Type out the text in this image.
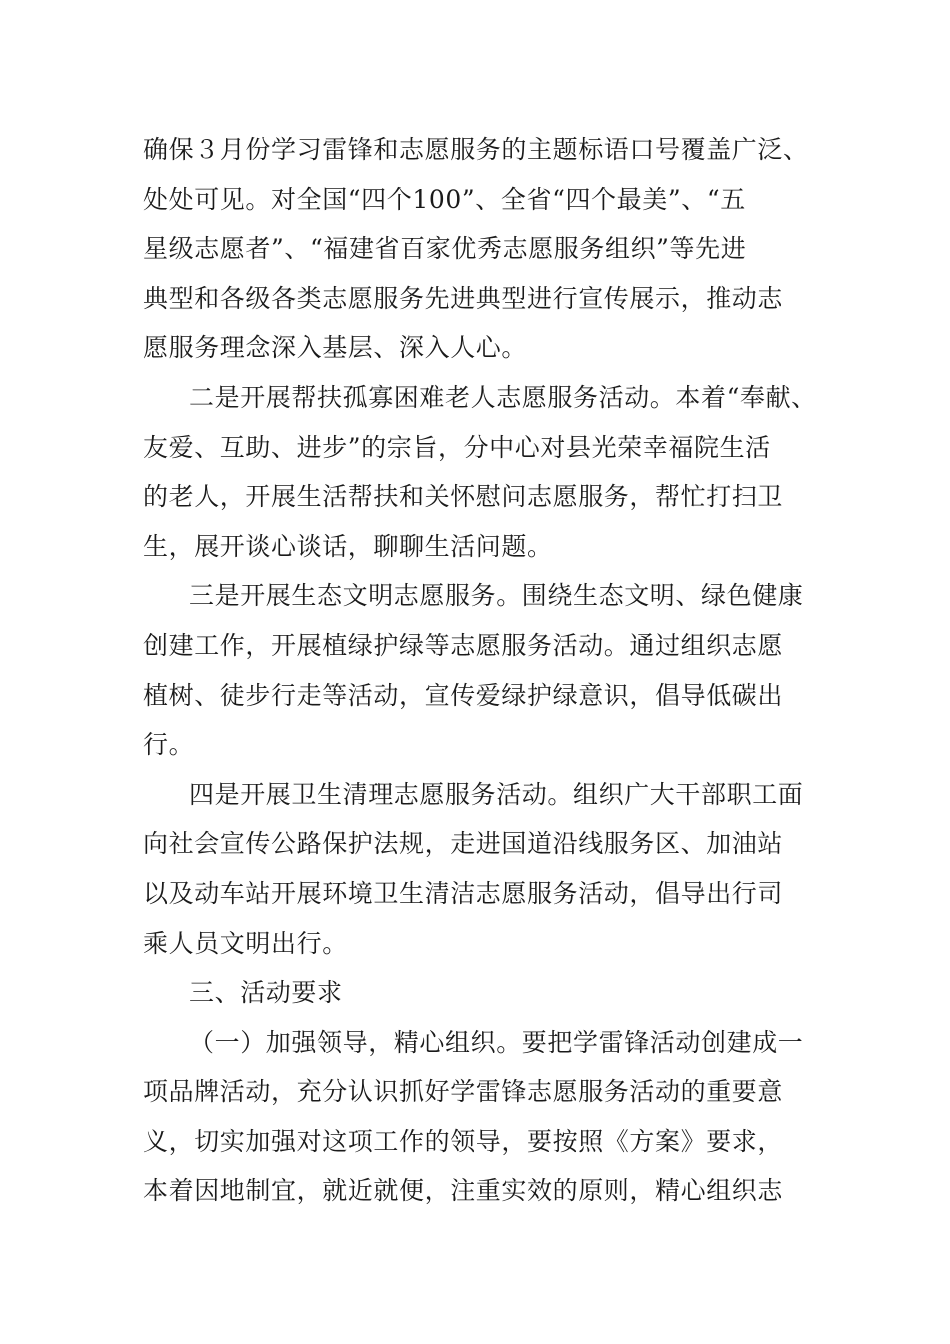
确保３月份学习雷锋和志愿服务的主题标语口号覆盖广泛、
处处可见。对全国“四个100”、全省“四个最美”、“五
星级志愿者”、“福建省百家优秀志愿服务组织”等先进
典型和各级各类志愿服务先进典型进行宣传展示，推动志
愿服务理念深入基层、深入人心。
二是开展帮扶孤寡困难老人志愿服务活动。本着“奉献、
友爱、互助、进步”的宗旨，分中心对县光荣幸福院生活
的老人，开展生活帮扶和关怀慰问志愿服务，帮忙打扫卫
生，展开谈心谈话，聊聊生活问题。
三是开展生态文明志愿服务。围绕生态文明、绿色健康
创建工作，开展植绿护绿等志愿服务活动。通过组织志愿
植树、徒步行走等活动，宣传爱绿护绿意识，倡导低碳出
行。
四是开展卫生清理志愿服务活动。组织广大干部职工面
向社会宣传公路保护法规，走进国道沿线服务区、加油站
以及动车站开展环境卫生清洁志愿服务活动，倡导出行司
乘人员文明出行。
三、活动要求
（一）加强领导，精心组织。要把学雷锋活动创建成一
项品牌活动，充分认识抓好学雷锋志愿服务活动的重要意
义，切实加强对这项工作的领导，要按照《方案》要求，
本着因地制宜，就近就便，注重实效的原则，精心组织志
